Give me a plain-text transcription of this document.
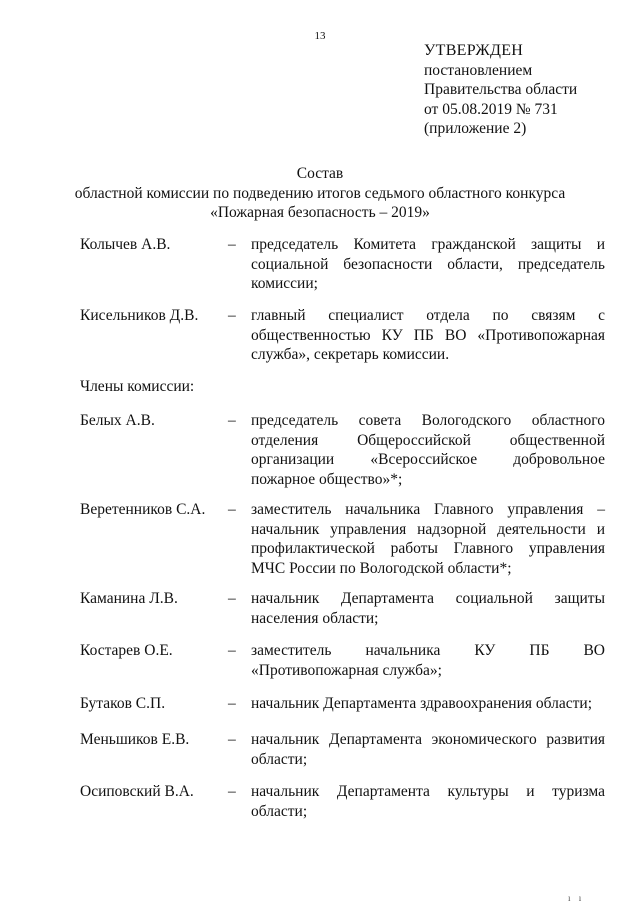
13
УТВЕРЖДЕН
постановлением
Правительства области
от 05.08.2019 № 731
(приложение 2)
Состав
областной комиссии по подведению итогов седьмого областного конкурса
«Пожарная безопасность – 2019»
Колычев А.В.	– председатель Комитета гражданской защиты и социальной безопасности области, председатель комиссии;
Кисельников Д.В. – главный специалист отдела по связям с общественностью КУ ПБ ВО «Противопожарная служба», секретарь комиссии.
Члены комиссии:
Белых А.В.	– председатель совета Вологодского областного отделения Общероссийской общественной организации «Всероссийское добровольное пожарное общество»*;
Веретенников С.А. – заместитель начальника Главного управления – начальник управления надзорной деятельности и профилактической работы Главного управления МЧС России по Вологодской области*;
Каманина Л.В.	– начальник Департамента социальной защиты населения области;
Костарев О.Е.	– заместитель начальника КУ ПБ ВО «Противопожарная служба»;
Бутаков С.П.	– начальник Департамента здравоохранения области;
Меньшиков Е.В. – начальник Департамента экономического развития области;
Осиповский В.А. – начальник Департамента культуры и туризма области;
ı ı
